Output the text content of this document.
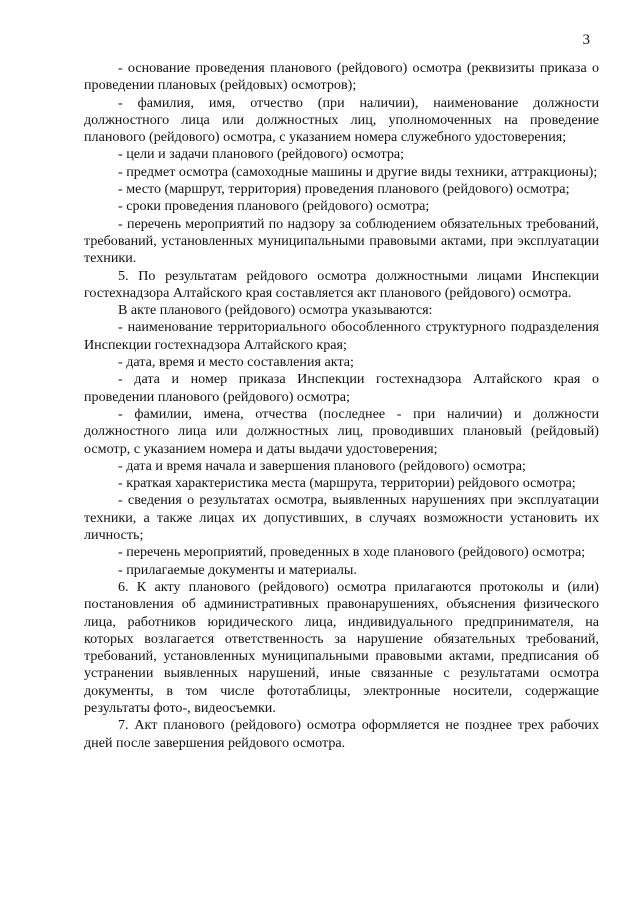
3

- основание проведения планового (рейдового) осмотра (реквизиты приказа о проведении плановых (рейдовых) осмотров);

- фамилия, имя, отчество (при наличии), наименование должности должностного лица или должностных лиц, уполномоченных на проведение планового (рейдового) осмотра, с указанием номера служебного удостоверения;

- цели и задачи планового (рейдового) осмотра;

- предмет осмотра (самоходные машины и другие виды техники, аттракционы);

- место (маршрут, территория) проведения планового (рейдового) осмотра;

- сроки проведения планового (рейдового) осмотра;

- перечень мероприятий по надзору за соблюдением обязательных требований, требований, установленных муниципальными правовыми актами, при эксплуатации техники.

5. По результатам рейдового осмотра должностными лицами Инспекции гостехнадзора Алтайского края составляется акт планового (рейдового) осмотра.

В акте планового (рейдового) осмотра указываются:

- наименование территориального обособленного структурного подразделения Инспекции гостехнадзора Алтайского края;

- дата, время и место составления акта;

- дата и номер приказа Инспекции гостехнадзора Алтайского края о проведении планового (рейдового) осмотра;

- фамилии, имена, отчества (последнее - при наличии) и должности должностного лица или должностных лиц, проводивших плановый (рейдовый) осмотр, с указанием номера и даты выдачи удостоверения;

- дата и время начала и завершения планового (рейдового) осмотра;

- краткая характеристика места (маршрута, территории) рейдового осмотра;

- сведения о результатах осмотра, выявленных нарушениях при эксплуатации техники, а также лицах их допустивших, в случаях возможности установить их личность;

- перечень мероприятий, проведенных в ходе планового (рейдового) осмотра;

- прилагаемые документы и материалы.

6. К акту планового (рейдового) осмотра прилагаются протоколы и (или) постановления об административных правонарушениях, объяснения физического лица, работников юридического лица, индивидуального предпринимателя, на которых возлагается ответственность за нарушение обязательных требований, требований, установленных муниципальными правовыми актами, предписания об устранении выявленных нарушений, иные связанные с результатами осмотра документы, в том числе фототаблицы, электронные носители, содержащие результаты фото-, видеосъемки.

7. Акт планового (рейдового) осмотра оформляется не позднее трех рабочих дней после завершения рейдового осмотра.
